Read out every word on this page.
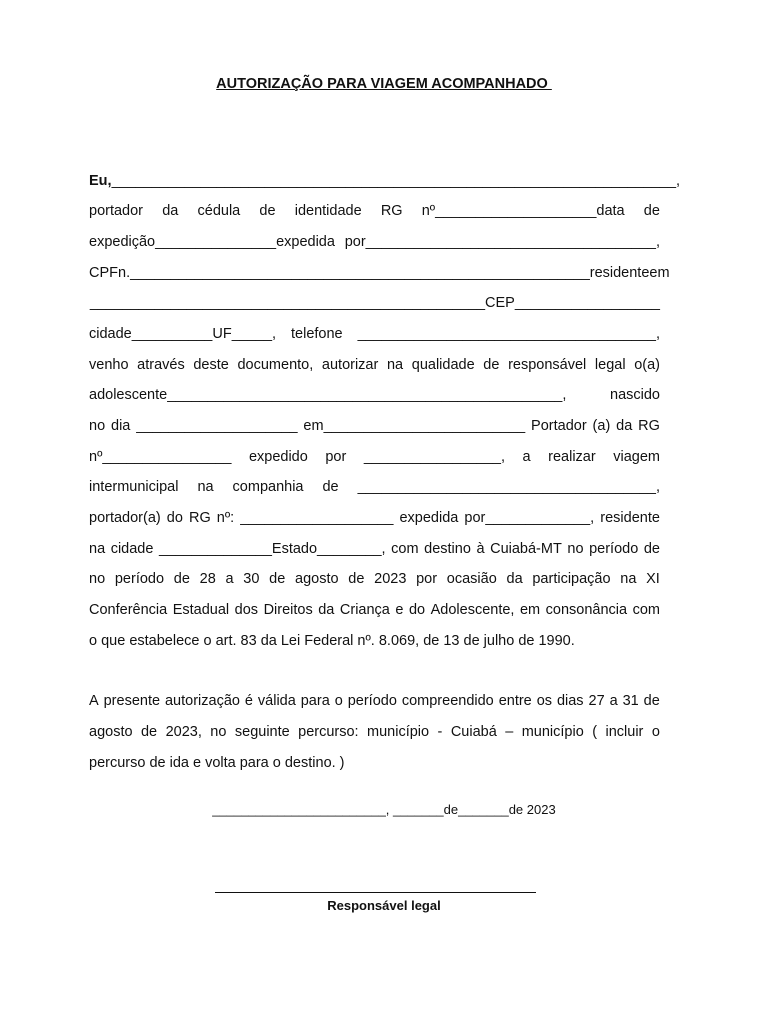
AUTORIZAÇÃO PARA VIAGEM ACOMPANHADO
Eu,______________________________________________________________________,
portador da cédula de identidade RG nº____________________data de
expedição_______________expedida por____________________________________,
CPF n._________________________________________________________residente em
_________________________________________________CEP__________________
cidade__________UF_____, telefone _____________________________________,
venho através deste documento, autorizar na qualidade de responsável legal o(a)
adolescente_________________________________________________,	nascido
no dia ____________________ em_________________________ Portador (a) da RG
nº________________ expedido por _________________, a realizar viagem
intermunicipal na companhia de _____________________________________,
portador(a) do RG nº: ___________________ expedida por_____________, residente
na cidade ______________Estado________, com destino à Cuiabá-MT no período de
no período de 28 a 30 de agosto de 2023 por ocasião da participação na XI
Conferência Estadual dos Direitos da Criança e do Adolescente, em consonância com
o que estabelece o art. 83 da Lei Federal nº. 8.069, de 13 de julho de 1990.
A presente autorização é válida para o período compreendido entre os dias 27 a 31 de
agosto de 2023, no seguinte percurso: município - Cuiabá – município ( incluir o
percurso de ida e volta para o destino. )
________________________, _______de_______de 2023
Responsável legal
